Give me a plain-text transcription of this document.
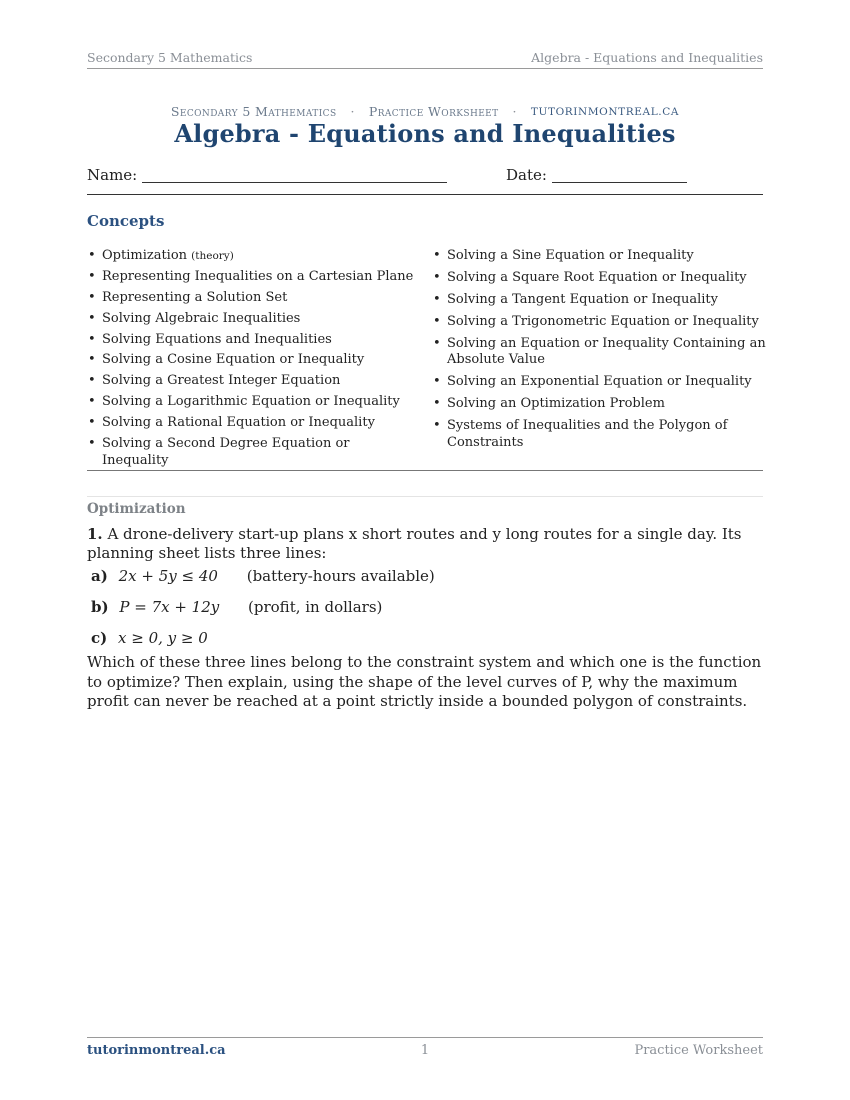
Secondary 5 Mathematics	Algebra - Equations and Inequalities
Secondary 5 Mathematics · Practice Worksheet · TUTORINMONTREAL.CA
Algebra - Equations and Inequalities
Name:	Date:
Concepts
• Optimization (theory)
• Representing Inequalities on a Cartesian Plane
• Representing a Solution Set
• Solving Algebraic Inequalities
• Solving Equations and Inequalities
• Solving a Cosine Equation or Inequality
• Solving a Greatest Integer Equation
• Solving a Logarithmic Equation or Inequality
• Solving a Rational Equation or Inequality
• Solving a Second Degree Equation or Inequality
• Solving a Sine Equation or Inequality
• Solving a Square Root Equation or Inequality
• Solving a Tangent Equation or Inequality
• Solving a Trigonometric Equation or Inequality
• Solving an Equation or Inequality Containing an Absolute Value
• Solving an Exponential Equation or Inequality
• Solving an Optimization Problem
• Systems of Inequalities and the Polygon of Constraints
Optimization
1. A drone-delivery start-up plans x short routes and y long routes for a single day. Its planning sheet lists three lines:
a) 2x + 5y ≤ 40 (battery-hours available)
b) P = 7x + 12y (profit, in dollars)
c) x ≥ 0, y ≥ 0
Which of these three lines belong to the constraint system and which one is the function to optimize? Then explain, using the shape of the level curves of P, why the maximum profit can never be reached at a point strictly inside a bounded polygon of constraints.
tutorinmontreal.ca	1	Practice Worksheet
